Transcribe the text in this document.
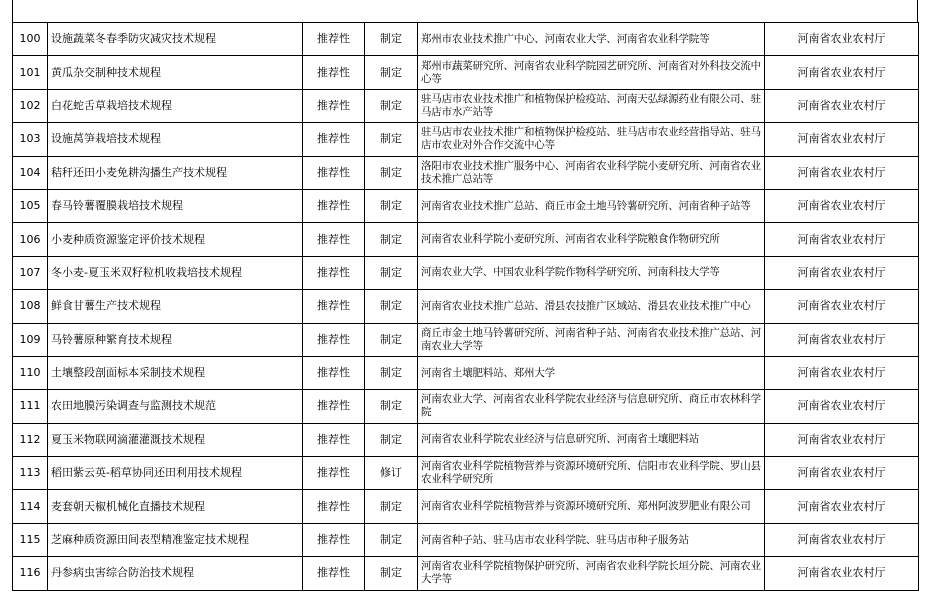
100	设施蔬菜冬春季防灾减灾技术规程	推荐性	制定	郑州市农业技术推广中心、河南农业大学、河南省农业科学院等	河南省农业农村厅
101	黄瓜杂交制种技术规程	推荐性	制定	郑州市蔬菜研究所、河南省农业科学院园艺研究所、河南省对外科技交流中心等	河南省农业农村厅
102	白花蛇舌草栽培技术规程	推荐性	制定	驻马店市农业技术推广和植物保护检疫站、河南天弘绿源药业有限公司、驻马店市水产站等	河南省农业农村厅
103	设施莴笋栽培技术规程	推荐性	制定	驻马店市农业技术推广和植物保护检疫站、驻马店市农业经营指导站、驻马店市农业对外合作交流中心等	河南省农业农村厅
104	秸秆还田小麦免耕沟播生产技术规程	推荐性	制定	洛阳市农业技术推广服务中心、河南省农业科学院小麦研究所、河南省农业技术推广总站等	河南省农业农村厅
105	春马铃薯覆膜栽培技术规程	推荐性	制定	河南省农业技术推广总站、商丘市金土地马铃薯研究所、河南省种子站等	河南省农业农村厅
106	小麦种质资源鉴定评价技术规程	推荐性	制定	河南省农业科学院小麦研究所、河南省农业科学院粮食作物研究所	河南省农业农村厅
107	冬小麦-夏玉米双籽粒机收栽培技术规程	推荐性	制定	河南农业大学、中国农业科学院作物科学研究所、河南科技大学等	河南省农业农村厅
108	鲜食甘薯生产技术规程	推荐性	制定	河南省农业技术推广总站、滑县农技推广区域站、滑县农业技术推广中心	河南省农业农村厅
109	马铃薯原种繁育技术规程	推荐性	制定	商丘市金土地马铃薯研究所、河南省种子站、河南省农业技术推广总站、河南农业大学等	河南省农业农村厅
110	土壤整段剖面标本采制技术规程	推荐性	制定	河南省土壤肥料站、郑州大学	河南省农业农村厅
111	农田地膜污染调查与监测技术规范	推荐性	制定	河南农业大学、河南省农业科学院农业经济与信息研究所、商丘市农林科学院	河南省农业农村厅
112	夏玉米物联网滴灌灌溉技术规程	推荐性	制定	河南省农业科学院农业经济与信息研究所、河南省土壤肥料站	河南省农业农村厅
113	稻田紫云英-稻草协同还田利用技术规程	推荐性	修订	河南省农业科学院植物营养与资源环境研究所、信阳市农业科学院、罗山县农业科学研究所	河南省农业农村厅
114	麦套朝天椒机械化直播技术规程	推荐性	制定	河南省农业科学院植物营养与资源环境研究所、郑州阿波罗肥业有限公司	河南省农业农村厅
115	芝麻种质资源田间表型精准鉴定技术规程	推荐性	制定	河南省种子站、驻马店市农业科学院、驻马店市种子服务站	河南省农业农村厅
116	丹参病虫害综合防治技术规程	推荐性	制定	河南省农业科学院植物保护研究所、河南省农业科学院长垣分院、河南农业大学等	河南省农业农村厅
